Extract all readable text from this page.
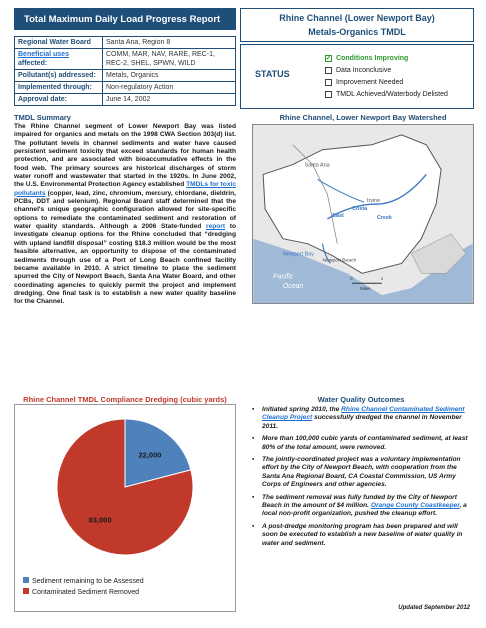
Total Maximum Daily Load Progress Report	Rhine Channel (Lower Newport Bay)
Metals-Organics TMDL
Regional Water Board	Santa Ana, Region 8
Beneficial uses affected:	COMM, MAR, NAV, RARE, REC-1, REC-2, SHEL, SPWN, WILD
Pollutant(s) addressed:	Metals, Organics
Implemented through:	Non-regulatory Action
Approval date:	June 14, 2002
STATUS
✓ Conditions Improving
Data Inconclusive
Improvement Needed
TMDL Achieved/Waterbody Delisted
TMDL Summary
The Rhine Channel segment of Lower Newport Bay was listed impaired for organics and metals on the 1998 CWA Section 303(d) list. The pollutant levels in channel sediments and water have caused persistent sediment toxicity that exceed standards for human health protection, and are associated with bioaccumulative effects in the food web. The primary sources are historical discharges of storm water runoff and wastewater that started in the 1920s. In June 2002, the U.S. Environmental Protection Agency established TMDLs for toxic pollutants (copper, lead, zinc, chromium, mercury, chlordane, dieldrin, PCBs, DDT and selenium). Regional Board staff determined that the channel's unique geographic configuration allowed for site-specific options to remediate the contaminated sediment and restoration of water quality standards. Although a 2006 State-funded report to investigate cleanup options for the Rhine concluded that “dredging with upland landfill disposal” costing $18.3 million would be the most feasible alternative, an opportunity to dispose of the contaminated sediments through use of a Port of Long Beach confined facility became available in 2010. A strict timeline to place the sediment spurred the City of Newport Beach, Santa Ana Water Board, and other coordinating agencies to quickly permit the project and implement dredging. One final task is to establish a new water quality baseline for the Channel.
Rhine Channel, Lower Newport Bay Watershed
Santa Ana
Irvine
East
Costa
Creek
Newport Bay
Newport Beach
Pacific
Ocean
0	1
Miles
Rhine Channel TMDL Compliance Dredging (cubic yards)
22,000
83,000
Sediment remaining to be Assessed
Contaminated Sediment Removed
Water Quality Outcomes
▪ Initiated spring 2010, the Rhine Channel Contaminated Sediment Cleanup Project successfully dredged the channel in November 2011.
▪ More than 100,000 cubic yards of contaminated sediment, at least 80% of the total amount, were removed.
▪ The jointly-coordinated project was a voluntary implementation effort by the City of Newport Beach, with cooperation from the Santa Ana Regional Board, CA Coastal Commission, US Army Corps of Engineers and other agencies.
▪ The sediment removal was fully funded by the City of Newport Beach in the amount of $4 million. Orange County Coastkeeper, a local non-profit organization, pushed the cleanup effort.
▪ A post-dredge monitoring program has been prepared and will soon be executed to establish a new baseline of water quality in water and sediment.
Updated September 2012
